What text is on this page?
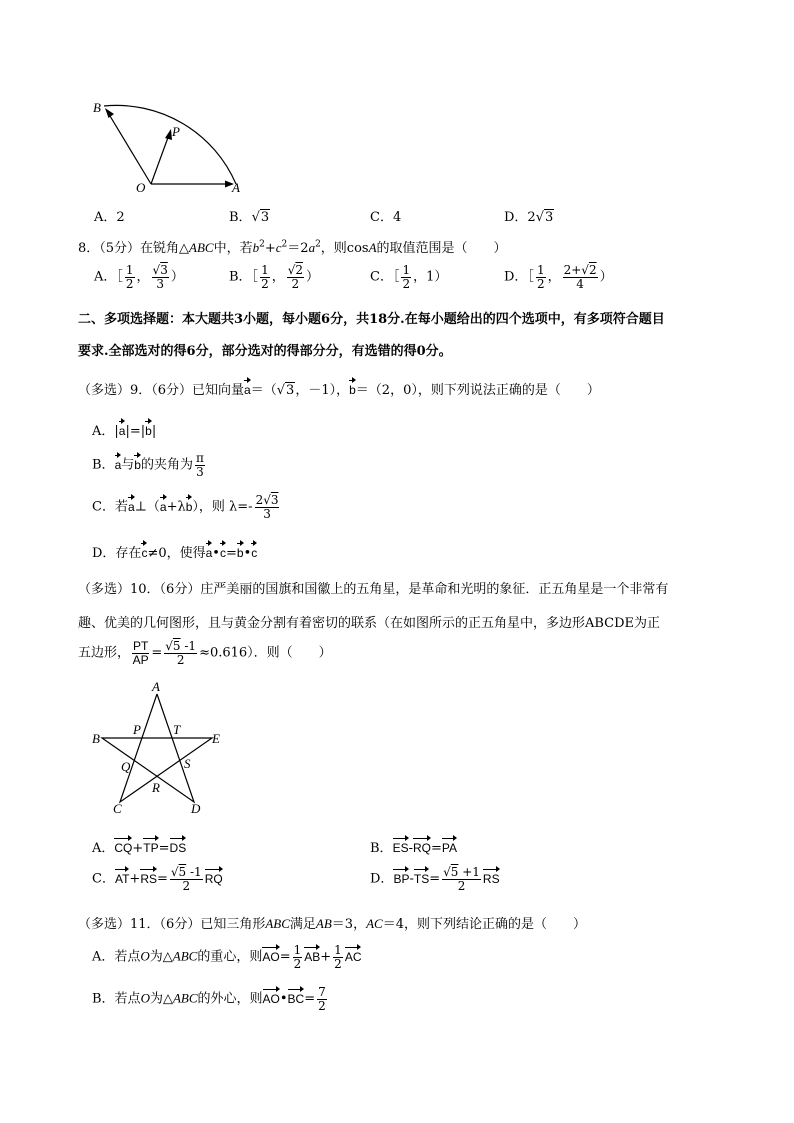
B
P
O	A
A．2	B．√3	C．4	D．2√3
8．（5分）在锐角△ABC中，若$b^2+c^2=2a^2$，则cosA的取值范围是（　　）
A．［ $\frac{1}{2}$ ， $\frac{√3}{3}$ ）	B．［ $\frac{1}{2}$ ， $\frac{√2}{2}$ ）	C．［ $\frac{1}{2}$ ，1）	D．［ $\frac{1}{2}$ ， $\frac{2+√2}{4}$ ）
二、多项选择题：本大题共3小题，每小题6分，共18分.在每小题给出的四个选项中，有多项符合题目
要求.全部选对的得6分，部分选对的得部分分，有选错的得0分。
（多选）9．（6分）已知向量a＝（√3，－1），b＝（2，0），则下列说法正确的是（　　）
A．|a|=|b|
B．a与b的夹角为 $\frac{\pi}{3}$
C．若a⊥（a+λb），则 $\lambda=- \frac{2√3}{3}$
D．存在c≠0，使得a•c=b•c
（多选）10．（6分）庄严美丽的国旗和国徽上的五角星，是革命和光明的象征．正五角星是一个非常有
趣、优美的几何图形，且与黄金分割有着密切的联系（在如图所示的正五角星中，多边形ABCDE为正
五边形， $\frac{PT}{AP} = \frac{√5 -1}{2} \approx 0.616$）．则（　　）
A
B	E
P T
Q	S
R
C	D
A．CQ+TP=DS	B．ES-RQ=PA
C．$AT+RS= \frac{√5 -1}{2}$ RQ	D．$BP-TS= \frac{√5 +1}{2}$ RS
（多选）11．（6分）已知三角形ABC满足AB＝3，AC＝4，则下列结论正确的是（　　）
A．若点O为△ABC的重心，则$AO= \frac{1}{2} AB+ \frac{1}{2}$ AC
B．若点O为△ABC的外心，则AO•BC= $\frac{7}{2}$
